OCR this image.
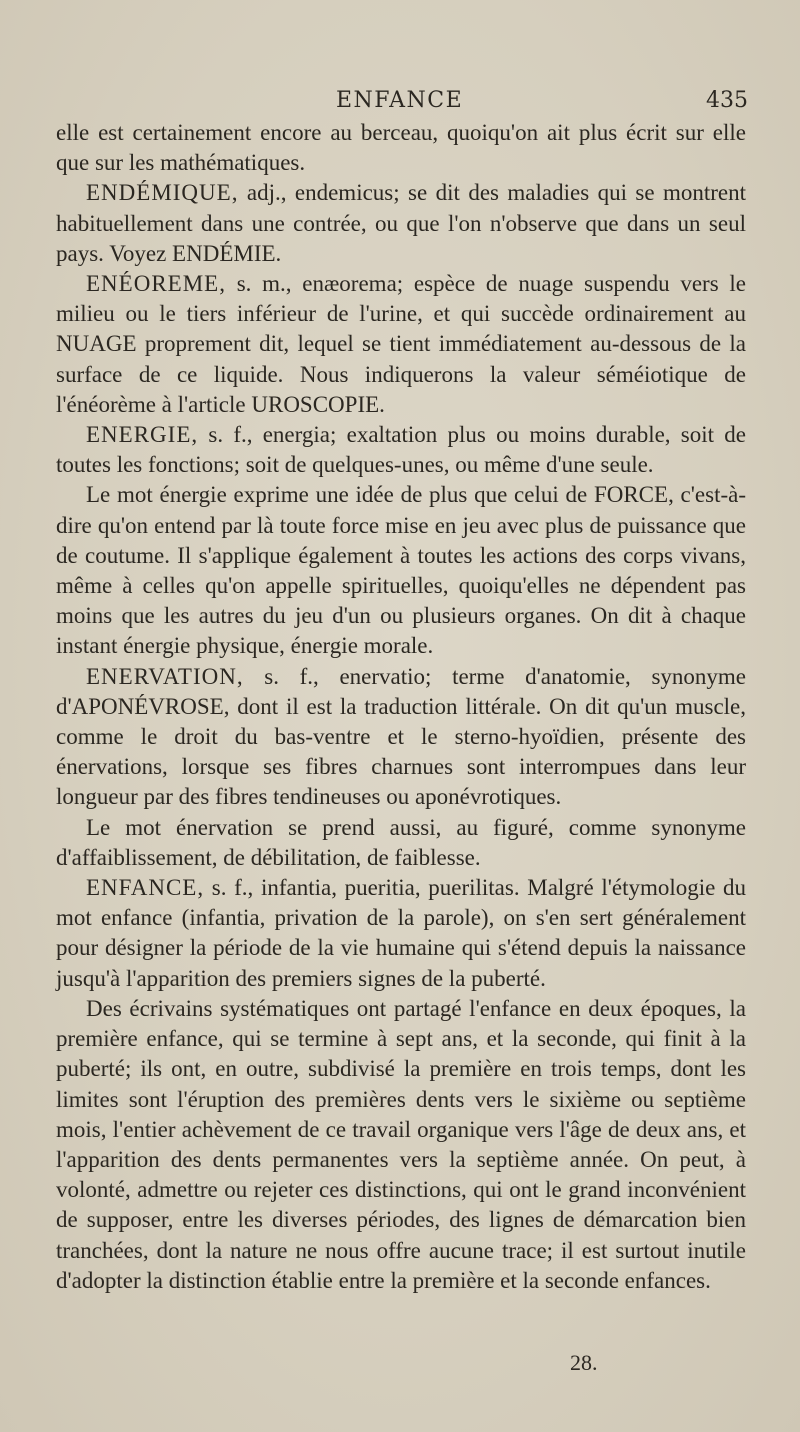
ENFANCE	435

elle est certainement encore au berceau, quoiqu'on ait plus écrit sur elle que sur les mathématiques.

ENDÉMIQUE, adj., endemicus; se dit des maladies qui se montrent habituellement dans une contrée, ou que l'on n'observe que dans un seul pays. Voyez ENDÉMIE.

ENÉOREME, s. m., enæorema; espèce de nuage suspendu vers le milieu ou le tiers inférieur de l'urine, et qui succède ordinairement au NUAGE proprement dit, lequel se tient immédiatement au-dessous de la surface de ce liquide. Nous indiquerons la valeur séméiotique de l'énéorème à l'article UROSCOPIE.

ENERGIE, s. f., energia; exaltation plus ou moins durable, soit de toutes les fonctions; soit de quelques-unes, ou même d'une seule.

Le mot énergie exprime une idée de plus que celui de FORCE, c'est-à-dire qu'on entend par là toute force mise en jeu avec plus de puissance que de coutume. Il s'applique également à toutes les actions des corps vivans, même à celles qu'on appelle spirituelles, quoiqu'elles ne dépendent pas moins que les autres du jeu d'un ou plusieurs organes. On dit à chaque instant énergie physique, énergie morale.

ENERVATION, s. f., enervatio; terme d'anatomie, synonyme d'APONÉVROSE, dont il est la traduction littérale. On dit qu'un muscle, comme le droit du bas-ventre et le sterno-hyoïdien, présente des énervations, lorsque ses fibres charnues sont interrompues dans leur longueur par des fibres tendineuses ou aponévrotiques.

Le mot énervation se prend aussi, au figuré, comme synonyme d'affaiblissement, de débilitation, de faiblesse.

ENFANCE, s. f., infantia, pueritia, puerilitas. Malgré l'étymologie du mot enfance (infantia, privation de la parole), on s'en sert généralement pour désigner la période de la vie humaine qui s'étend depuis la naissance jusqu'à l'apparition des premiers signes de la puberté.

Des écrivains systématiques ont partagé l'enfance en deux époques, la première enfance, qui se termine à sept ans, et la seconde, qui finit à la puberté; ils ont, en outre, subdivisé la première en trois temps, dont les limites sont l'éruption des premières dents vers le sixième ou septième mois, l'entier achèvement de ce travail organique vers l'âge de deux ans, et l'apparition des dents permanentes vers la septième année. On peut, à volonté, admettre ou rejeter ces distinctions, qui ont le grand inconvénient de supposer, entre les diverses périodes, des lignes de démarcation bien tranchées, dont la nature ne nous offre aucune trace; il est surtout inutile d'adopter la distinction établie entre la première et la seconde enfances.

28.
